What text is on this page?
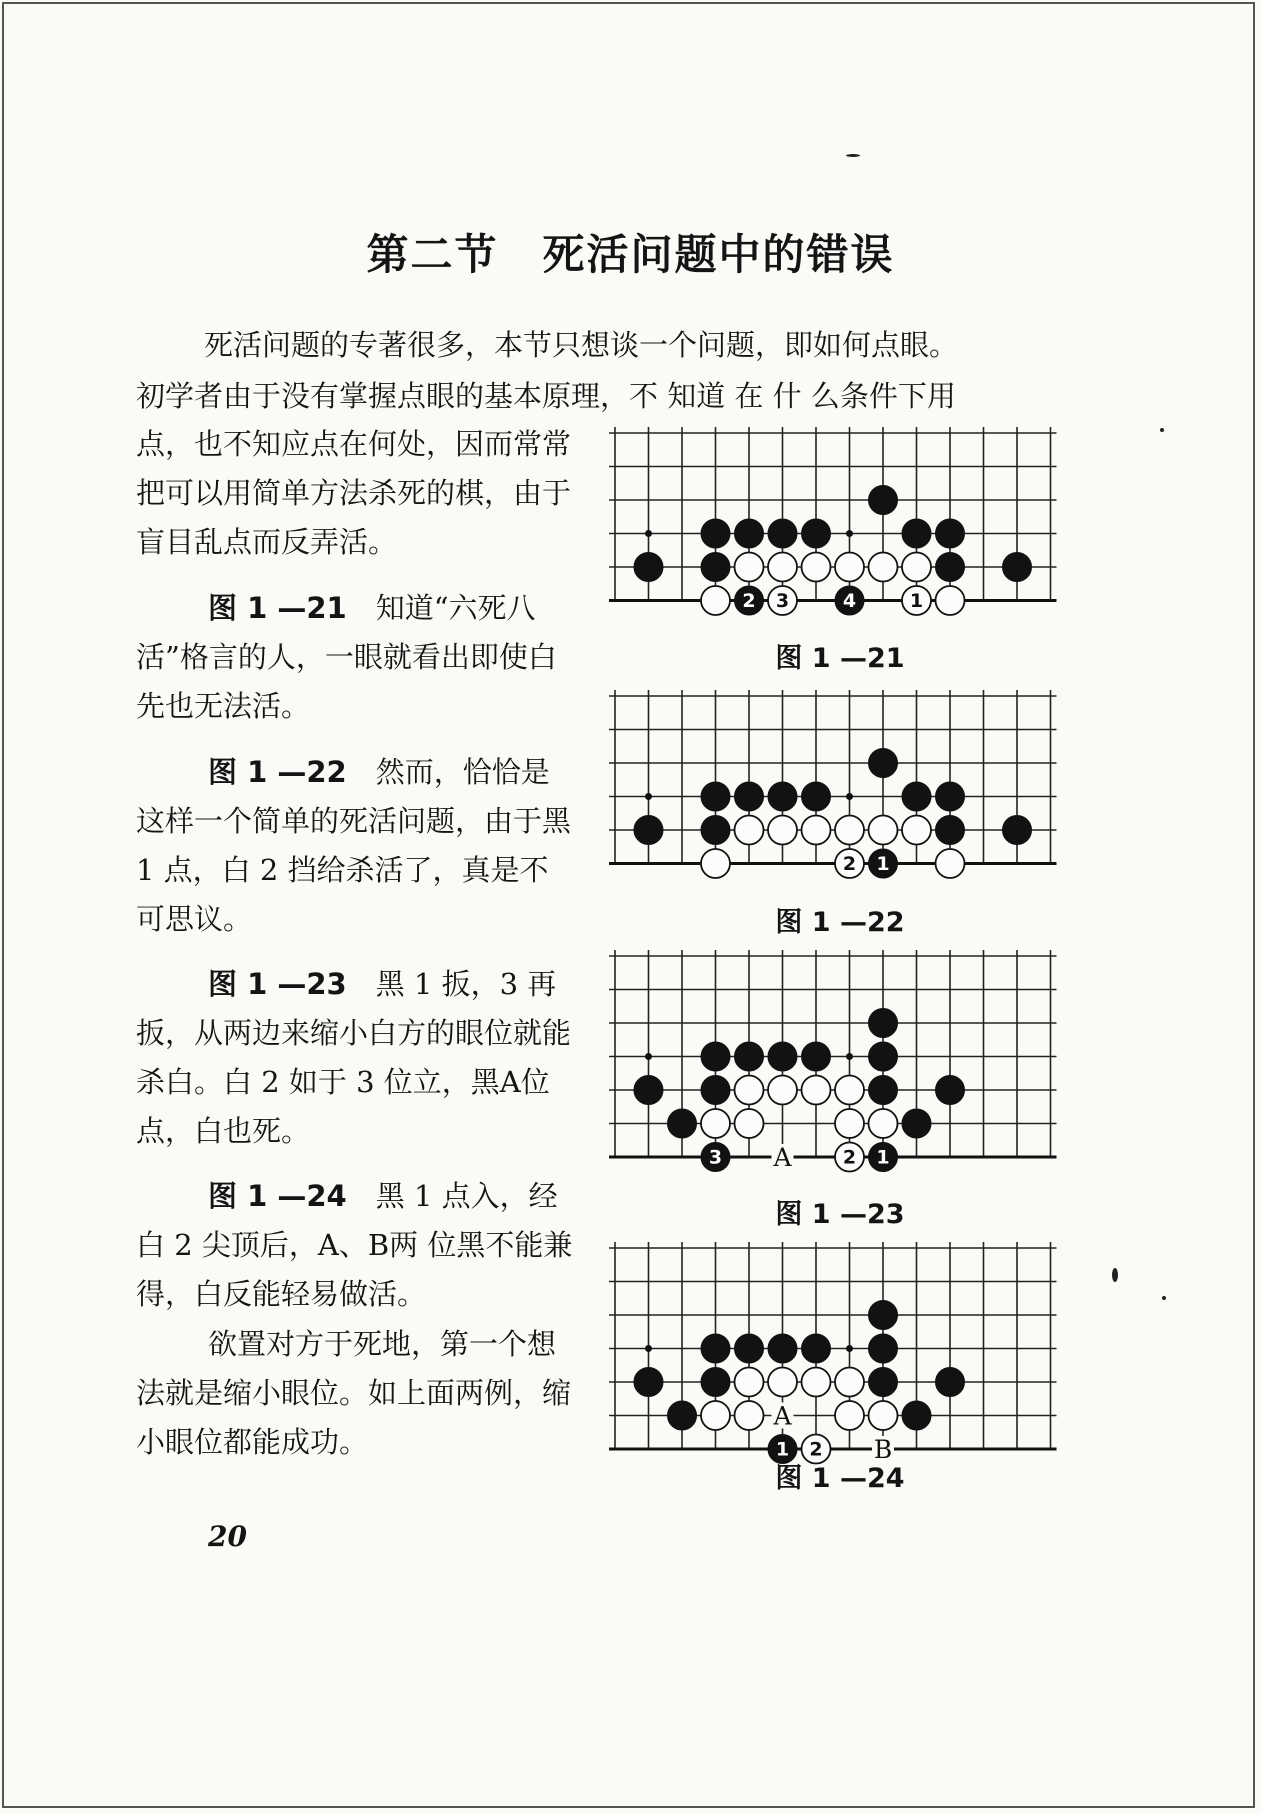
第二节　死活问题中的错误

死活问题的专著很多，本节只想谈一个问题，即如何点眼。

初学者由于没有掌握点眼的基本原理，不 知道 在 什 么条件下用

点，也不知应点在何处，因而常常把可以用简单方法杀死的棋，由于盲目乱点而反弄活。

图 1 —21　知道“六死八活”格言的人，一眼就看出即使白先也无法活。

图 1 —22　然而，恰恰是这样一个简单的死活问题，由于黑 1 点，白 2 挡给杀活了，真是不可思议。

图 1 —23　黑 1 扳，3 再扳，从两边来缩小白方的眼位就能杀白。白 2 如于 3 位立，黑A位点，白也死。

图 1 —24　黑 1 点入，经白 2 尖顶后，A、B两 位黑不能兼得，白反能轻易做活。

欲置对方于死地，第一个想法就是缩小眼位。如上面两例，缩小眼位都能成功。

2 3	4	1
图 1 —21
2 1
图 1 —22
3	2 1
A
图 1 —23
1 2
A
B
图 1 —24
20
